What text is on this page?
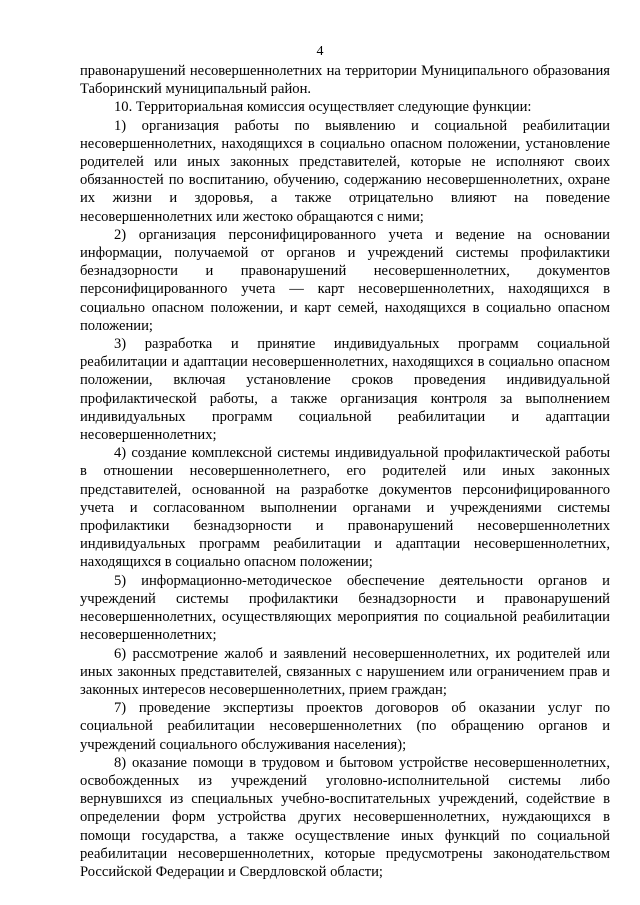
4

правонарушений несовершеннолетних на территории Муниципального образования Таборинский муниципальный район.

10. Территориальная комиссия осуществляет следующие функции:

1) организация работы по выявлению и социальной реабилитации несовершеннолетних, находящихся в социально опасном положении, установление родителей или иных законных представителей, которые не исполняют своих обязанностей по воспитанию, обучению, содержанию несовершеннолетних, охране их жизни и здоровья, а также отрицательно влияют на поведение несовершеннолетних или жестоко обращаются с ними;

2) организация персонифицированного учета и ведение на основании информации, получаемой от органов и учреждений системы профилактики безнадзорности и правонарушений несовершеннолетних, документов персонифицированного учета — карт несовершеннолетних, находящихся в социально опасном положении, и карт семей, находящихся в социально опасном положении;

3) разработка и принятие индивидуальных программ социальной реабилитации и адаптации несовершеннолетних, находящихся в социально опасном положении, включая установление сроков проведения индивидуальной профилактической работы, а также организация контроля за выполнением индивидуальных программ социальной реабилитации и адаптации несовершеннолетних;

4) создание комплексной системы индивидуальной профилактической работы в отношении несовершеннолетнего, его родителей или иных законных представителей, основанной на разработке документов персонифицированного учета и согласованном выполнении органами и учреждениями системы профилактики безнадзорности и правонарушений несовершеннолетних индивидуальных программ реабилитации и адаптации несовершеннолетних, находящихся в социально опасном положении;

5) информационно-методическое обеспечение деятельности органов и учреждений системы профилактики безнадзорности и правонарушений несовершеннолетних, осуществляющих мероприятия по социальной реабилитации несовершеннолетних;

6) рассмотрение жалоб и заявлений несовершеннолетних, их родителей или иных законных представителей, связанных с нарушением или ограничением прав и законных интересов несовершеннолетних, прием граждан;

7) проведение экспертизы проектов договоров об оказании услуг по социальной реабилитации несовершеннолетних (по обращению органов и учреждений социального обслуживания населения);

8) оказание помощи в трудовом и бытовом устройстве несовершеннолетних, освобожденных из учреждений уголовно-исполнительной системы либо вернувшихся из специальных учебно-воспитательных учреждений, содействие в определении форм устройства других несовершеннолетних, нуждающихся в помощи государства, а также осуществление иных функций по социальной реабилитации несовершеннолетних, которые предусмотрены законодательством Российской Федерации и Свердловской области;
